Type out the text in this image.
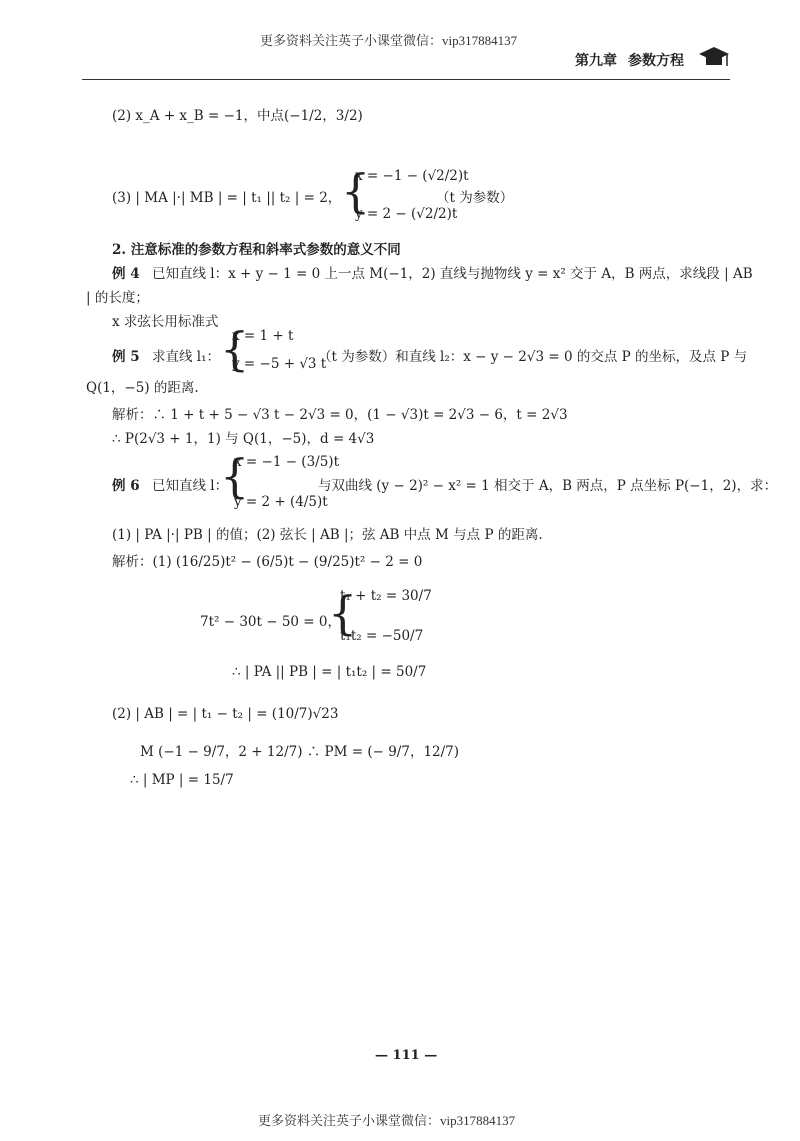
更多资料关注英子小课堂微信：vip317884137
第九章 参数方程
(2) x_A + x_B = −1，中点(−1/2，3/2)
(3) | MA |·| MB | = | t₁ || t₂ | = 2， {
x = −1 − (√2/2)t
y = 2 − (√2/2)t
（t 为参数）
2. 注意标准的参数方程和斜率式参数的意义不同
例 4 已知直线 l：x + y − 1 = 0 上一点 M(−1，2) 直线与抛物线 y = x² 交于 A，B 两点，求线段 | AB
| 的长度；
x 求弦长用标准式
例 5 求直线 l₁： {
x = 1 + t
y = −5 + √3 t
（t 为参数）和直线 l₂：x − y − 2√3 = 0 的交点 P 的坐标，及点 P 与
Q(1，−5) 的距离.
解析：∴ 1 + t + 5 − √3 t − 2√3 = 0，(1 − √3)t = 2√3 − 6，t = 2√3
∴ P(2√3 + 1，1) 与 Q(1，−5)，d = 4√3
例 6 已知直线 l：
{
x = −1 − (3/5)t
y = 2 + (4/5)t
与双曲线 (y − 2)² − x² = 1 相交于 A，B 两点，P 点坐标 P(−1，2)，求：
(1) | PA |·| PB | 的值；(2) 弦长 | AB |；弦 AB 中点 M 与点 P 的距离.
解析：(1) (16/25)t² − (6/5)t − (9/25)t² − 2 = 0
7t² − 30t − 50 = 0，
{
t₁ + t₂ = 30/7
t₁t₂ = −50/7
∴ | PA || PB | = | t₁t₂ | = 50/7
(2) | AB | = | t₁ − t₂ | = (10/7)√23
M (−1 − 9/7，2 + 12/7) ∴ PM = (− 9/7，12/7)
∴ | MP | = 15/7
— 111 —
更多资料关注英子小课堂微信：vip317884137
